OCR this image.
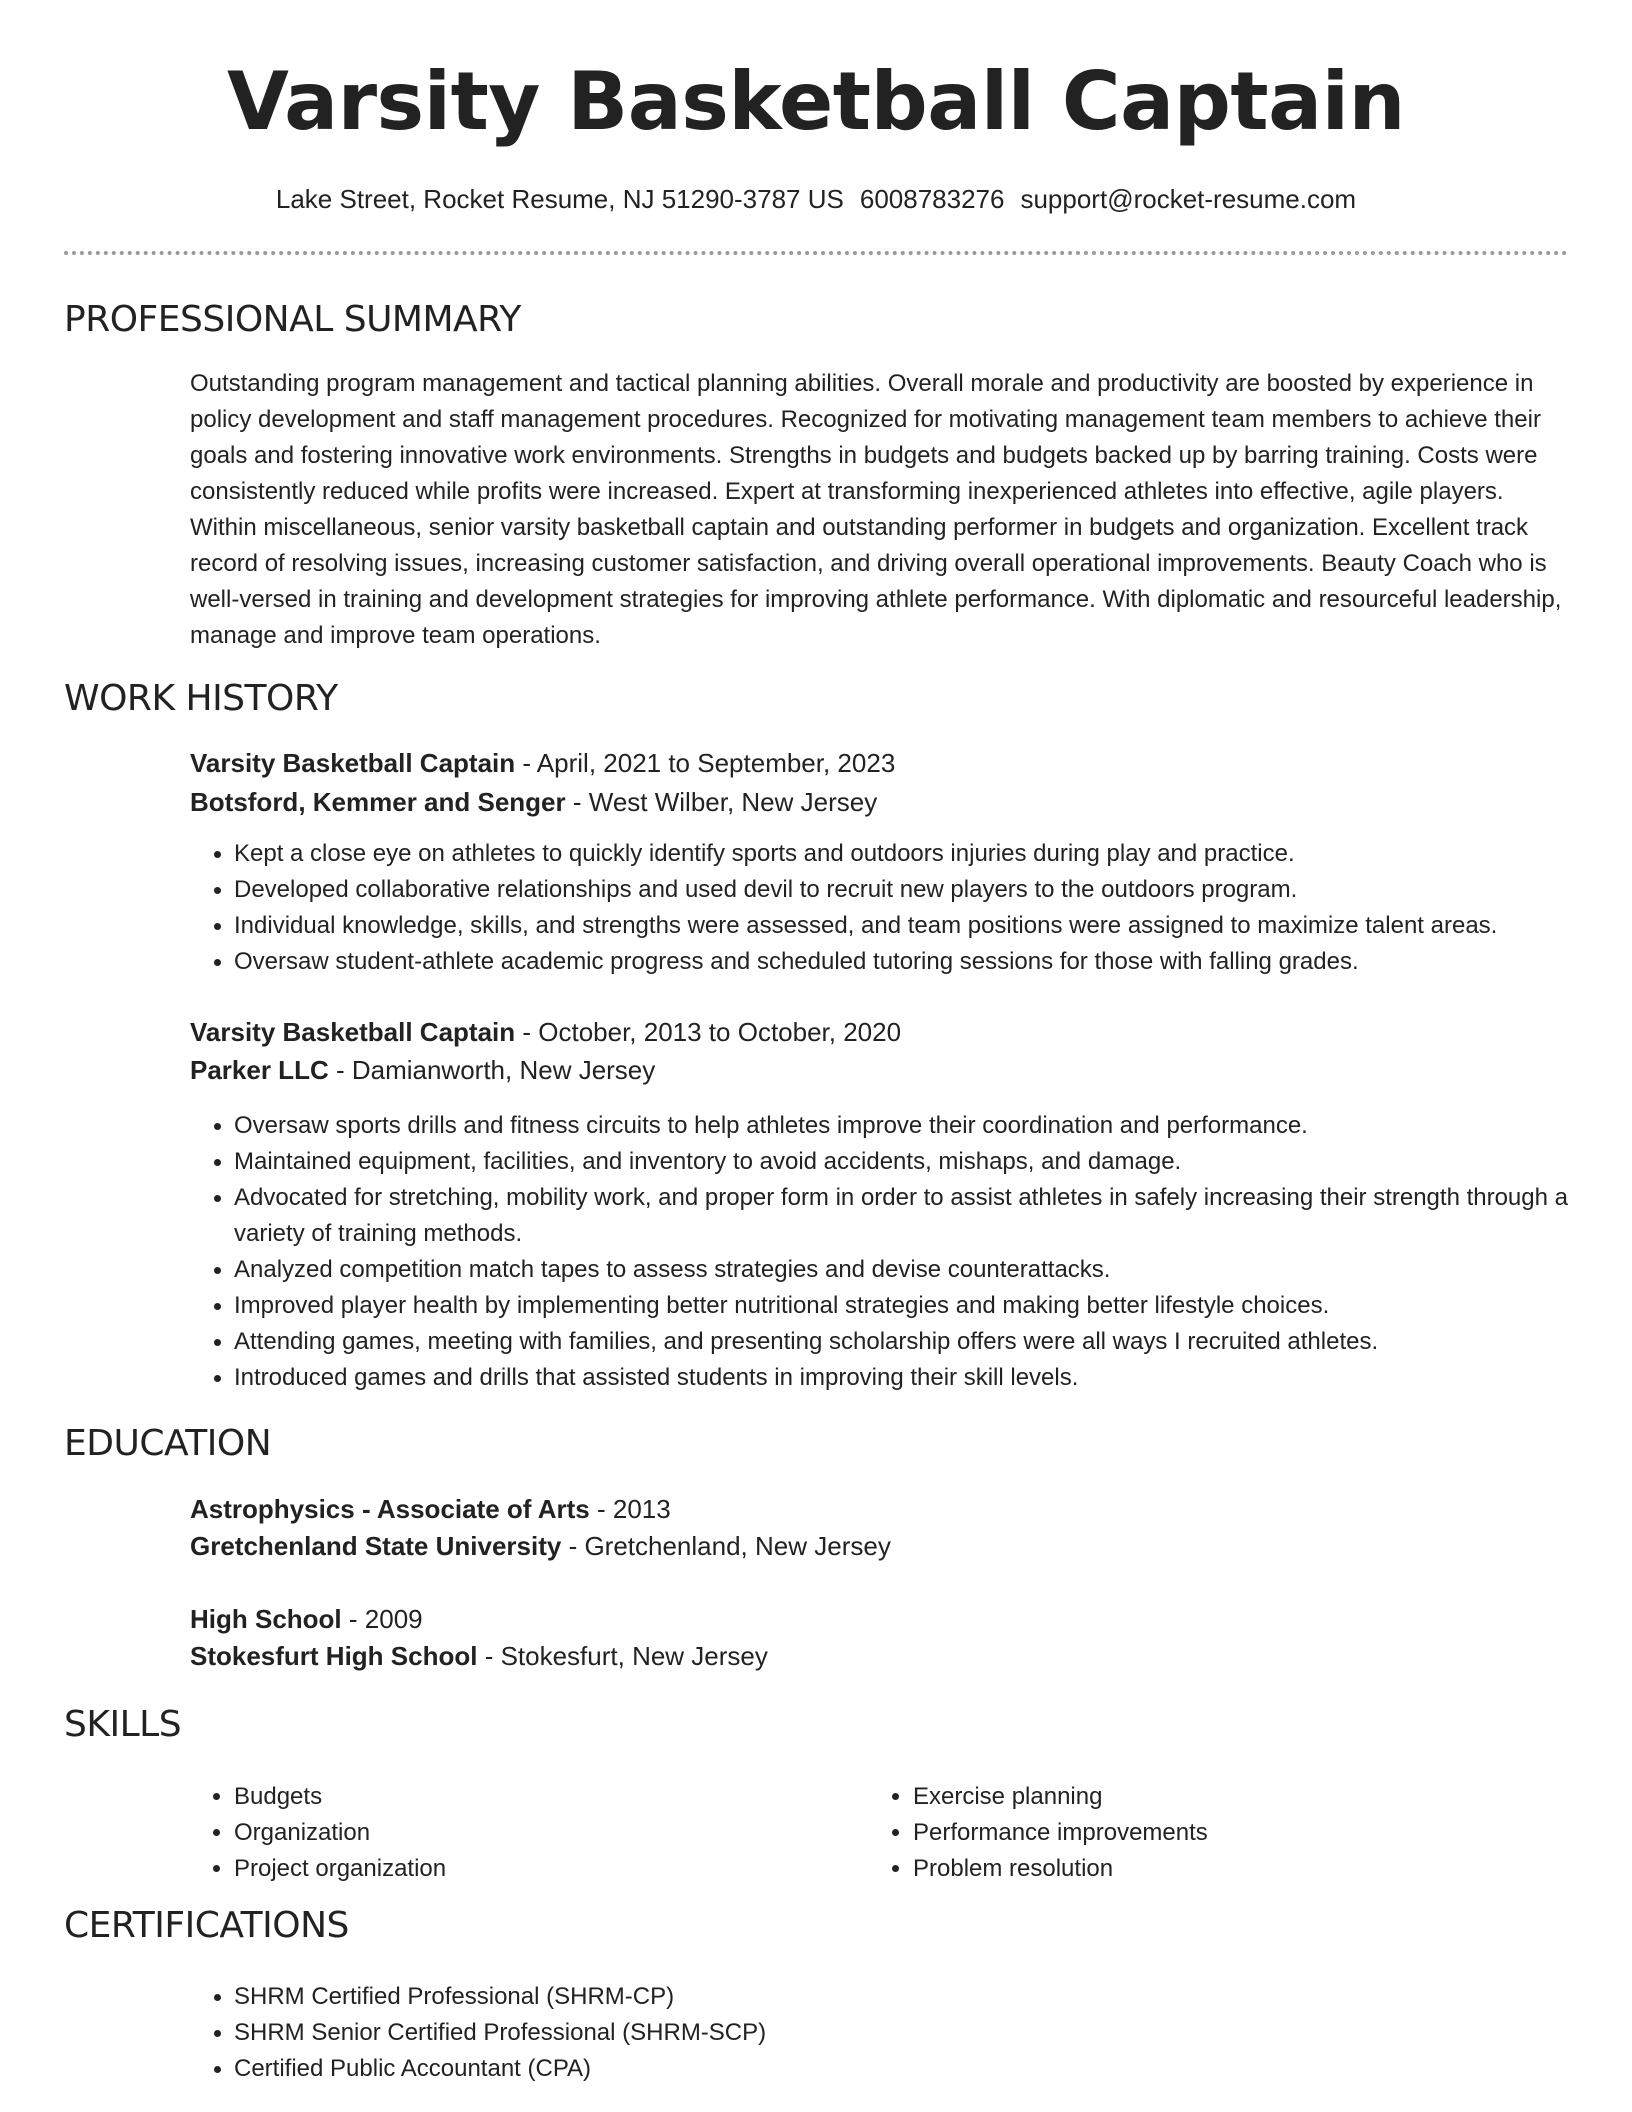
Varsity Basketball Captain
Lake Street, Rocket Resume, NJ 51290-3787 US 6008783276 support@rocket-resume.com
PROFESSIONAL SUMMARY
Outstanding program management and tactical planning abilities. Overall morale and productivity are boosted by experience in policy development and staff management procedures. Recognized for motivating management team members to achieve their goals and fostering innovative work environments. Strengths in budgets and budgets backed up by barring training. Costs were consistently reduced while profits were increased. Expert at transforming inexperienced athletes into effective, agile players. Within miscellaneous, senior varsity basketball captain and outstanding performer in budgets and organization. Excellent track record of resolving issues, increasing customer satisfaction, and driving overall operational improvements. Beauty Coach who is well-versed in training and development strategies for improving athlete performance. With diplomatic and resourceful leadership, manage and improve team operations.
WORK HISTORY
Varsity Basketball Captain - April, 2021 to September, 2023
Botsford, Kemmer and Senger - West Wilber, New Jersey
• Kept a close eye on athletes to quickly identify sports and outdoors injuries during play and practice.
• Developed collaborative relationships and used devil to recruit new players to the outdoors program.
• Individual knowledge, skills, and strengths were assessed, and team positions were assigned to maximize talent areas.
• Oversaw student-athlete academic progress and scheduled tutoring sessions for those with falling grades.
Varsity Basketball Captain - October, 2013 to October, 2020
Parker LLC - Damianworth, New Jersey
• Oversaw sports drills and fitness circuits to help athletes improve their coordination and performance.
• Maintained equipment, facilities, and inventory to avoid accidents, mishaps, and damage.
• Advocated for stretching, mobility work, and proper form in order to assist athletes in safely increasing their strength through a variety of training methods.
• Analyzed competition match tapes to assess strategies and devise counterattacks.
• Improved player health by implementing better nutritional strategies and making better lifestyle choices.
• Attending games, meeting with families, and presenting scholarship offers were all ways I recruited athletes.
• Introduced games and drills that assisted students in improving their skill levels.
EDUCATION
Astrophysics - Associate of Arts - 2013
Gretchenland State University - Gretchenland, New Jersey
High School - 2009
Stokesfurt High School - Stokesfurt, New Jersey
SKILLS
• Budgets
• Organization
• Project organization
• Exercise planning
• Performance improvements
• Problem resolution
CERTIFICATIONS
• SHRM Certified Professional (SHRM-CP)
• SHRM Senior Certified Professional (SHRM-SCP)
• Certified Public Accountant (CPA)
